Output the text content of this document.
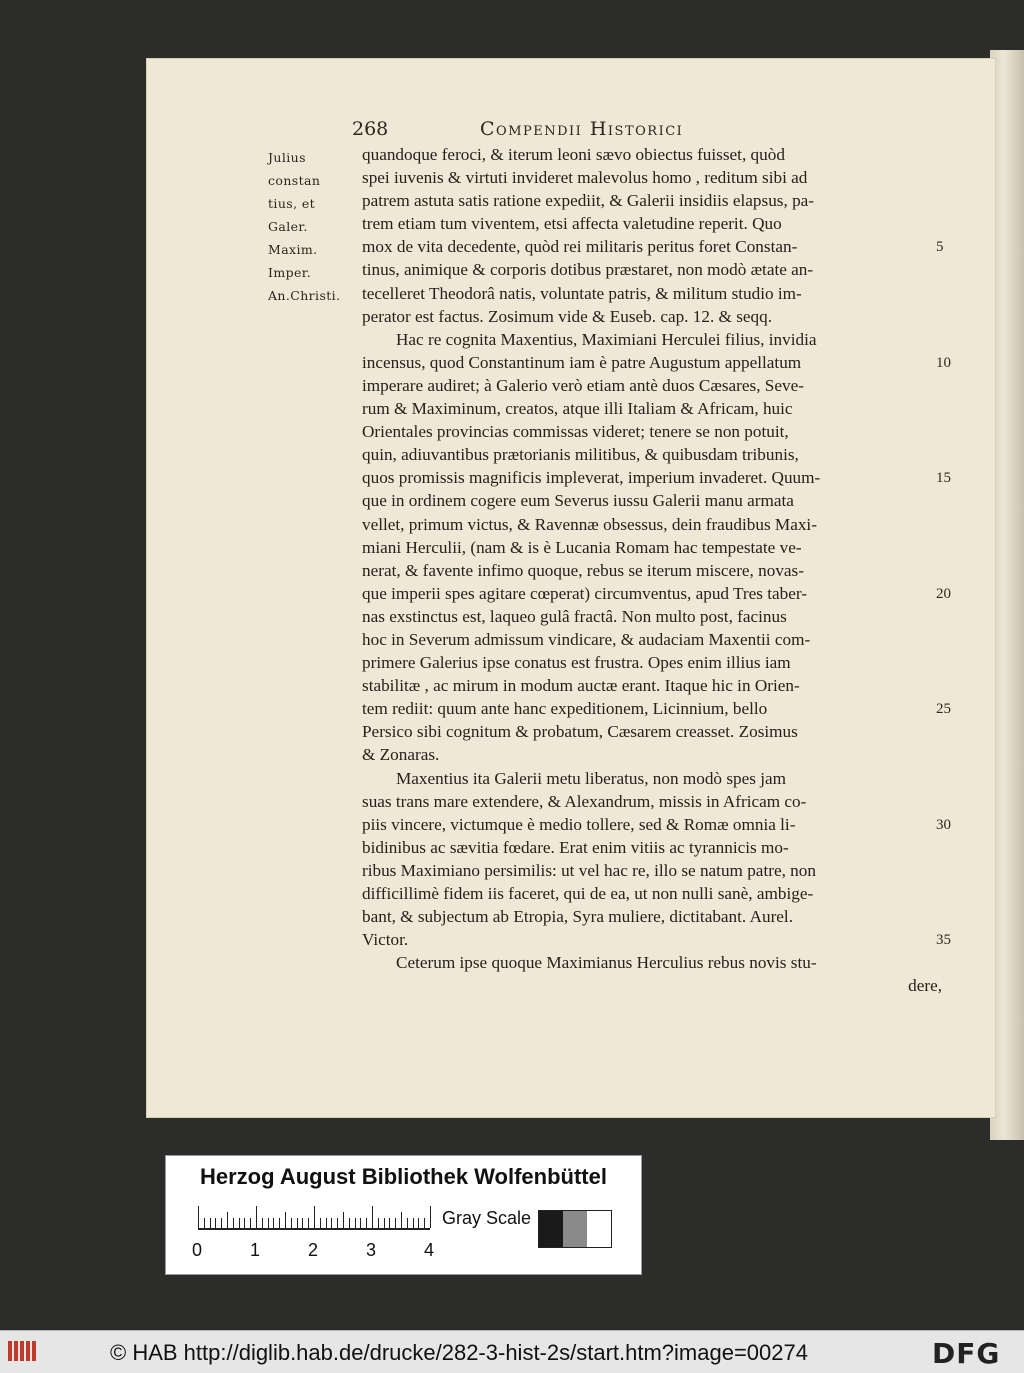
268	Compendii Historici
Julius
constan
tius, et
Galer.
Maxim.
Imper.
An.Christi.
quandoque feroci, & iterum leoni sævo obiectus fuisset, quòd
spei iuvenis & virtuti invideret malevolus homo , reditum sibi ad
patrem astuta satis ratione expediit, & Galerii insidiis elapsus, pa-
trem etiam tum viventem, etsi affecta valetudine reperit. Quo
mox de vita decedente, quòd rei militaris peritus foret Constan-
tinus, animique & corporis dotibus præstaret, non modò ætate an-
tecelleret Theodorâ natis, voluntate patris, & militum studio im-
perator est factus. Zosimum vide & Euseb. cap. 12. & seqq.
Hac re cognita Maxentius, Maximiani Herculei filius, invidia
incensus, quod Constantinum iam è patre Augustum appellatum
imperare audiret; à Galerio verò etiam antè duos Cæsares, Seve-
rum & Maximinum, creatos, atque illi Italiam & Africam, huic
Orientales provincias commissas videret; tenere se non potuit,
quin, adiuvantibus prætorianis militibus, & quibusdam tribunis,
quos promissis magnificis impleverat, imperium invaderet. Quum-
que in ordinem cogere eum Severus iussu Galerii manu armata
vellet, primum victus, & Ravennæ obsessus, dein fraudibus Maxi-
miani Herculii, (nam & is è Lucania Romam hac tempestate ve-
nerat, & favente infimo quoque, rebus se iterum miscere, novas-
que imperii spes agitare cœperat) circumventus, apud Tres taber-
nas exstinctus est, laqueo gulâ fractâ. Non multo post, facinus
hoc in Severum admissum vindicare, & audaciam Maxentii com-
primere Galerius ipse conatus est frustra. Opes enim illius iam
stabilitæ , ac mirum in modum auctæ erant. Itaque hic in Orien-
tem rediit: quum ante hanc expeditionem, Licinnium, bello
Persico sibi cognitum & probatum, Cæsarem creasset. Zosimus
& Zonaras.
Maxentius ita Galerii metu liberatus, non modò spes jam
suas trans mare extendere, & Alexandrum, missis in Africam co-
piis vincere, victumque è medio tollere, sed & Romæ omnia li-
bidinibus ac sævitia fœdare. Erat enim vitiis ac tyrannicis mo-
ribus Maximiano persimilis: ut vel hac re, illo se natum patre, non
difficillimè fidem iis faceret, qui de ea, ut non nulli sanè, ambige-
bant, & subjectum ab Etropia, Syra muliere, dictitabant. Aurel.
Victor.
Ceterum ipse quoque Maximianus Herculius rebus novis stu-
dere,
5
10
15
20
25
30
35
Herzog August Bibliothek Wolfenbüttel
0	1	2	3	4
Gray Scale
© HAB http://diglib.hab.de/drucke/282-3-hist-2s/start.htm?image=00274	DFG
